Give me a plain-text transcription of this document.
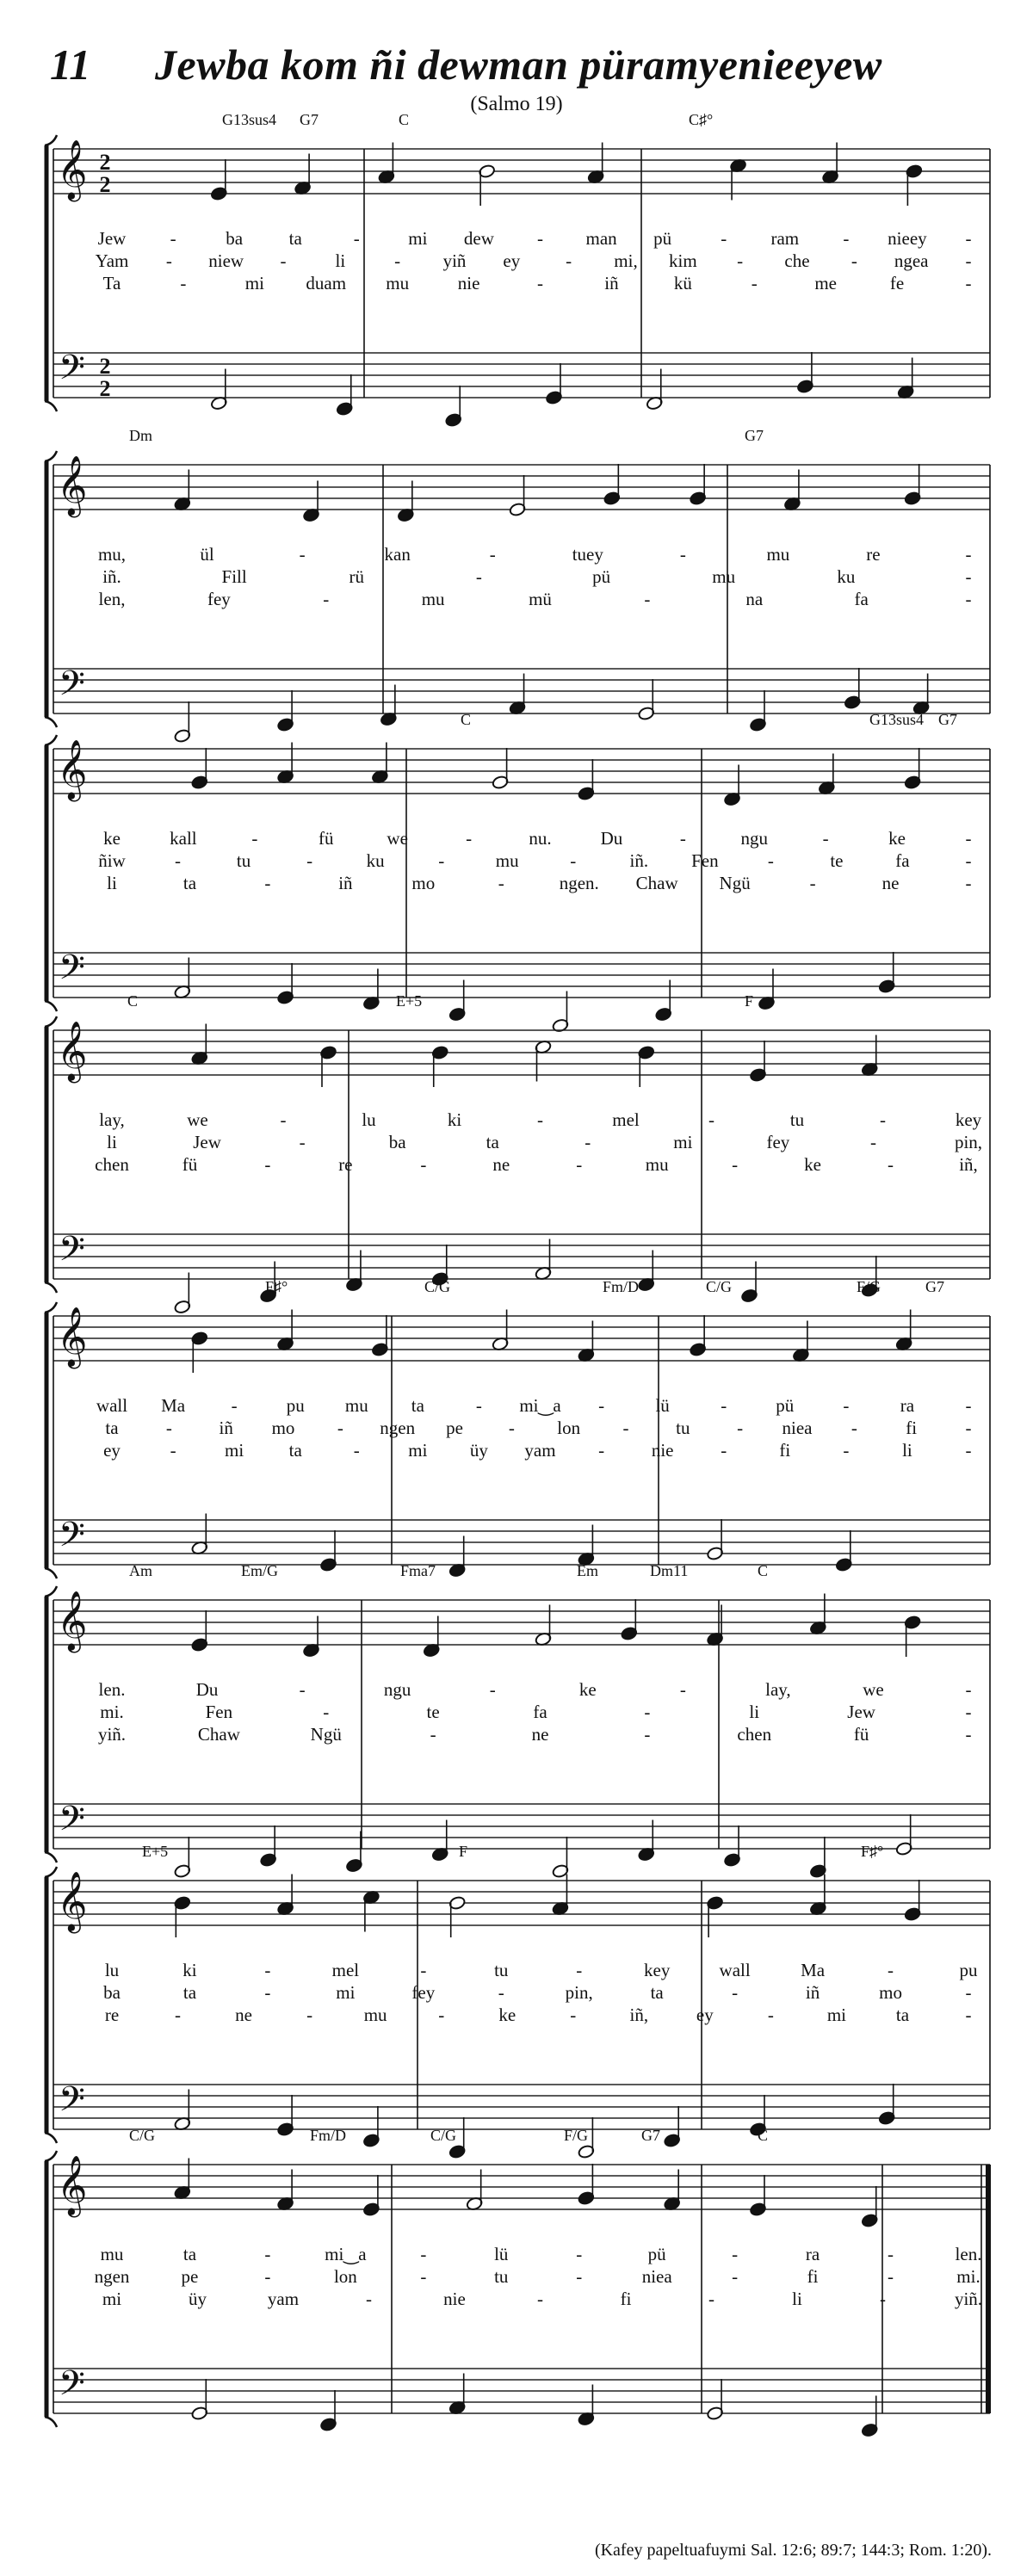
11 Jewba kom ñi dewman püramyenieeyew
(Salmo 19)
𝄞
𝄢
2
2
2
2
G13sus4 G7	C	C♯°
Jew -	ba	ta	-	mi dew - man pü	- ram - nieey -
Yam - niew -	li	- yiñ ey	- mi, kim - che - ngea -
Ta	-	mi duam mu	nie	-	iñ	kü	-	me	fe	-
𝄞
𝄢
Dm	G7
mu,	ül	-	kan	-	tuey	-	mu	re	-
iñ.	Fill	rü	-	pü	mu	ku	-
len,	fey	-	mu	mü	-	na	fa	-
𝄞
𝄢
C	G13sus4 G7
ke	kall	-	fü	we	-	nu.	Du	-	ngu	-	ke	-
ñiw	-	tu	-	ku	-	mu	-	iñ. Fen	-	te	fa	-
li	ta	-	iñ	mo	-	ngen. Chaw Ngü	-	ne	-
𝄞
𝄢
C	E+5	F
lay,	we	-	lu	ki	-	mel	-	tu	-	key
li	Jew	-	ba	ta	-	mi	fey	-	pin,
chen	fü	-	re	-	ne	-	mu	-	ke	-	iñ,
𝄞
𝄢
F♯°	C/G	Fm/D	C/G	F/G	G7
wall Ma	-	pu mu ta	- mi‿a -	lü	-	pü	-	ra	-
ta	-	iñ mo - ngen pe	- lon -	tu	- niea -	fi	-
ey	-	mi ta	-	mi üy yam -	nie	-	fi	-	li	-
𝄞
𝄢
Am	Em/G	Fma7	Em	Dm11	C
len.	Du	-	ngu	-	ke	-	lay,	we	-
mi.	Fen	-	te	fa	-	li	Jew	-
yiñ.	Chaw	Ngü	-	ne	-	chen	fü	-
𝄞
𝄢
E+5	F	F♯°
lu	ki	-	mel	-	tu	-	key	wall	Ma	-	pu
ba	ta	-	mi	fey	-	pin,	ta	-	iñ	mo	-
re	-	ne	-	mu	-	ke	-	iñ,	ey	-	mi	ta	-
𝄞
𝄢
C/G	Fm/D	C/G	F/G	G7	C
mu	ta	-	mi‿a	-	lü	-	pü	-	ra	-	len.
ngen	pe	-	lon	-	tu	-	niea	-	fi	-	mi.
mi	üy	yam	-	nie	-	fi	-	li	-	yiñ.
(Kafey papeltuafuymi Sal. 12:6; 89:7; 144:3; Rom. 1:20).
